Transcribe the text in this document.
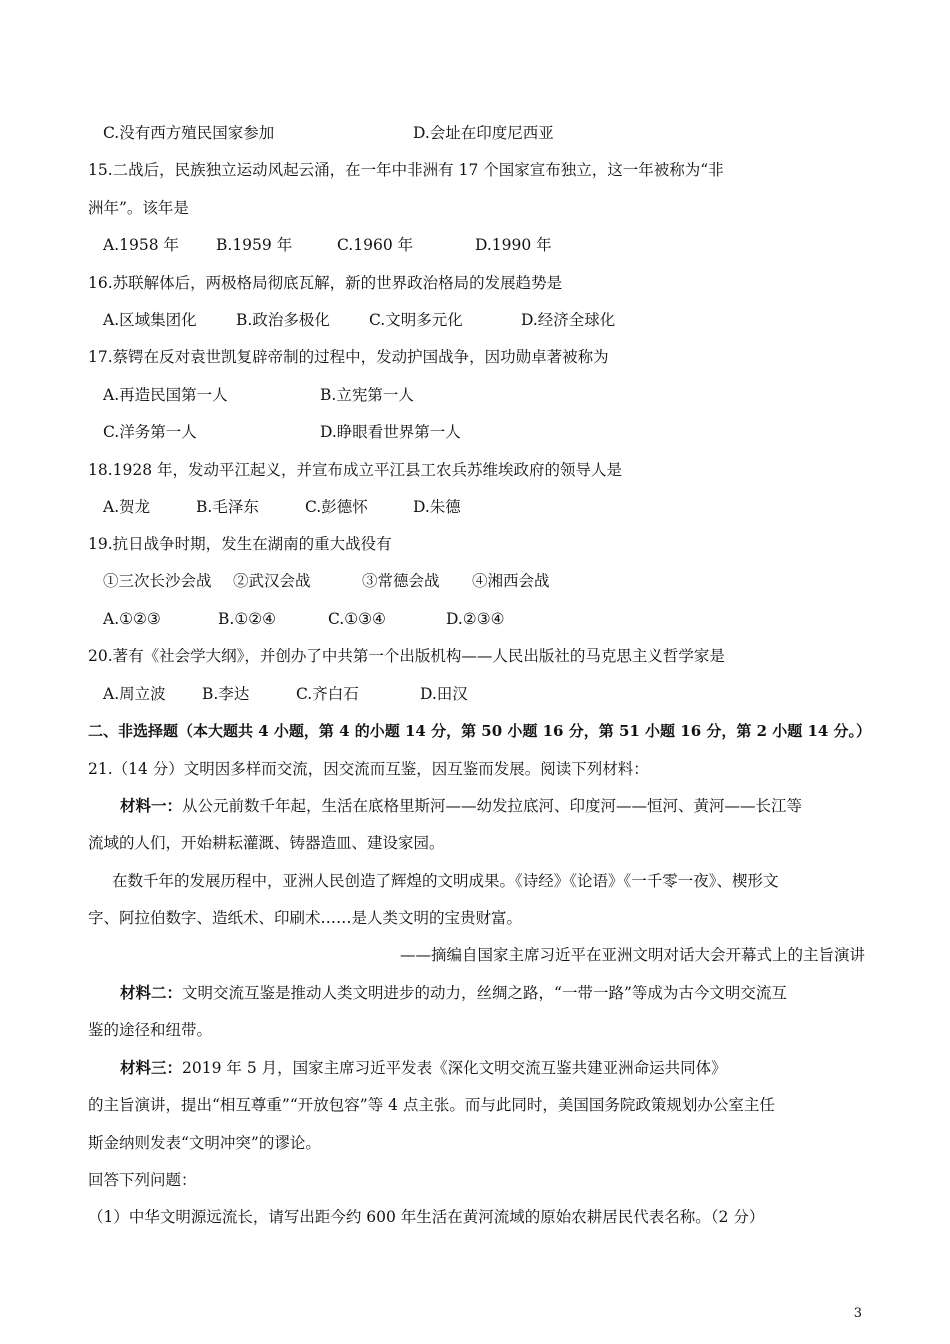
C.没有西方殖民国家参加	D.会址在印度尼西亚
15.二战后，民族独立运动风起云涌，在一年中非洲有 17 个国家宣布独立，这一年被称为“非
洲年”。该年是
A.1958 年 B.1959 年	C.1960 年	D.1990 年
16.苏联解体后，两极格局彻底瓦解，新的世界政治格局的发展趋势是
A.区域集团化	B.政治多极化	C.文明多元化	D.经济全球化
17.蔡锷在反对袁世凯复辟帝制的过程中，发动护国战争，因功勋卓著被称为
A.再造民国第一人	B.立宪第一人
C.洋务第一人	D.睁眼看世界第一人
18.1928 年，发动平江起义，并宣布成立平江县工农兵苏维埃政府的领导人是
A.贺龙	B.毛泽东	C.彭德怀	D.朱德
19.抗日战争时期，发生在湖南的重大战役有
①三次长沙会战 ②武汉会战	③常德会战 ④湘西会战
A.①②③	B.①②④	C.①③④	D.②③④
20.著有《社会学大纲》，并创办了中共第一个出版机构——人民出版社的马克思主义哲学家是
A.周立波 B.李达	C.齐白石	D.田汉
二、非选择题（本大题共 4 小题，第 4 的小题 14 分，第 50 小题 16 分，第 51 小题 16 分，第 2 小题 14 分。）
21.（14 分）文明因多样而交流，因交流而互鉴，因互鉴而发展。阅读下列材料：
材料一：从公元前数千年起，生活在底格里斯河——幼发拉底河、印度河——恒河、黄河——长江等
流域的人们，开始耕耘灌溉、铸器造皿、建设家园。
在数千年的发展历程中，亚洲人民创造了辉煌的文明成果。《诗经》《论语》《一千零一夜》、楔形文
字、阿拉伯数字、造纸术、印刷术……是人类文明的宝贵财富。
——摘编自国家主席习近平在亚洲文明对话大会开幕式上的主旨演讲
材料二：文明交流互鉴是推动人类文明进步的动力，丝绸之路，“一带一路”等成为古今文明交流互
鉴的途径和纽带。
材料三：2019 年 5 月，国家主席习近平发表《深化文明交流互鉴共建亚洲命运共同体》
的主旨演讲，提出“相互尊重”“开放包容”等 4 点主张。而与此同时，美国国务院政策规划办公室主任
斯金纳则发表“文明冲突”的谬论。
回答下列问题：
（1）中华文明源远流长，请写出距今约 600 年生活在黄河流域的原始农耕居民代表名称。（2 分）
3
